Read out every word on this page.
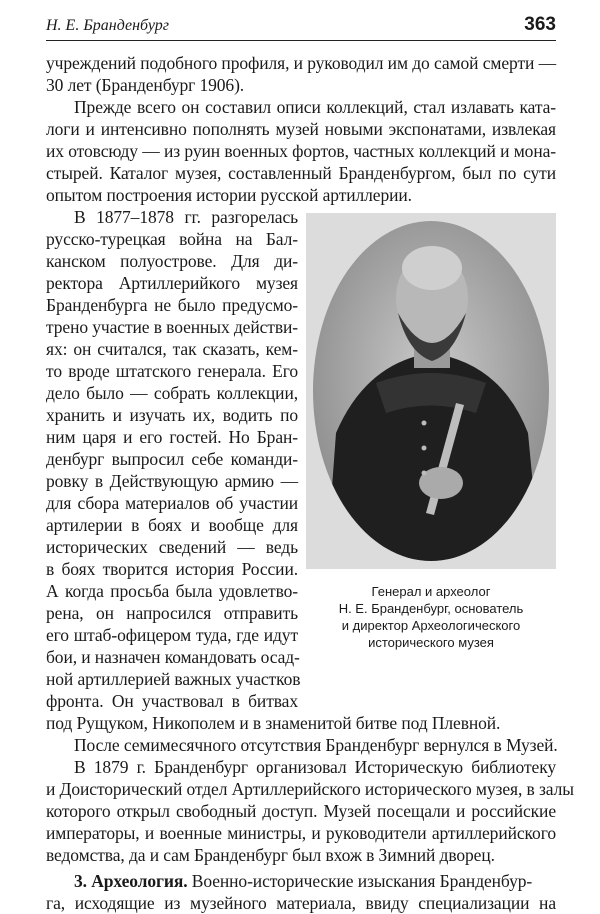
Н. Е. Бранденбург	363
учреждений подобного профиля, и руководил им до самой смерти —
30 лет (Бранденбург 1906).
Прежде всего он составил описи коллекций, стал излавать ката-
логи и интенсивно пополнять музей новыми экспонатами, извлекая
их отовсюду — из руин военных фортов, частных коллекций и мона-
стырей. Каталог музея, составленный Бранденбургом, был по сути
опытом построения истории русской артиллерии.
В 1877–1878 гг. разгорелась
русско-турецкая война на Бал-
канском полуострове. Для ди-
ректора Артиллерийкого музея
Бранденбурга не было предусмо-
трено участие в военных действи-
ях: он считался, так сказать, кем-
то вроде штатского генерала. Его
дело было — собрать коллекции,
хранить и изучать их, водить по
ним царя и его гостей. Но Бран-
денбург выпросил себе команди-
ровку в Действующую армию —
для сбора материалов об участии
артилерии в боях и вообще для
исторических сведений — ведь
в боях творится история России.
А когда просьба была удовлетво-
рена, он напросился отправить
его штаб-офицером туда, где идут
бои, и назначен командовать осад-
ной артиллерией важных участков
фронта. Он участвовал в битвах
под Рущуком, Никополем и в знаменитой битве под Плевной.
После семимесячного отсутствия Бранденбург вернулся в Музей.
В 1879 г. Бранденбург организовал Историческую библиотеку
и Доисторический отдел Артиллерийского исторического музея, в залы
которого открыл свободный доступ. Музей посещали и российские
императоры, и военные министры, и руководители артиллерийского
ведомства, да и сам Бранденбург был вхож в Зимний дворец.
3. Археология. Военно-исторические изыскания Бранденбур-
Генерал и археолог
Н. Е. Бранденбург, основатель
и директор Археологического
исторического музея
га, исходящие из музейного материала, ввиду специализации на
